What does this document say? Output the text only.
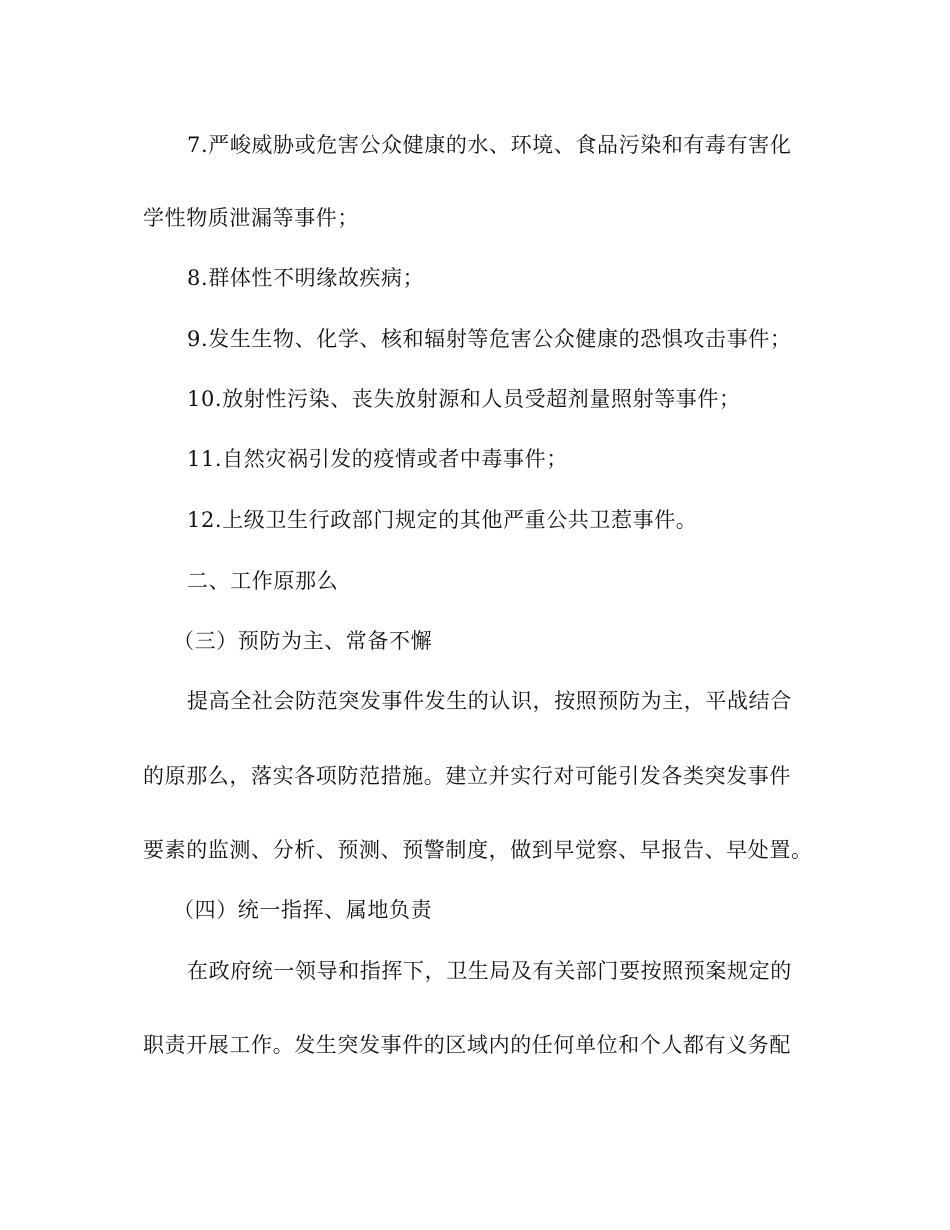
7.严峻威胁或危害公众健康的水、环境、食品污染和有毒有害化
学性物质泄漏等事件；
8.群体性不明缘故疾病；
9.发生生物、化学、核和辐射等危害公众健康的恐惧攻击事件；
10.放射性污染、丧失放射源和人员受超剂量照射等事件；
11.自然灾祸引发的疫情或者中毒事件；
12.上级卫生行政部门规定的其他严重公共卫惹事件。
二、工作原那么
（三）预防为主、常备不懈
提高全社会防范突发事件发生的认识，按照预防为主，平战结合
的原那么，落实各项防范措施。建立并实行对可能引发各类突发事件
要素的监测、分析、预测、预警制度，做到早觉察、早报告、早处置。
（四）统一指挥、属地负责
在政府统一领导和指挥下，卫生局及有关部门要按照预案规定的
职责开展工作。发生突发事件的区域内的任何单位和个人都有义务配
